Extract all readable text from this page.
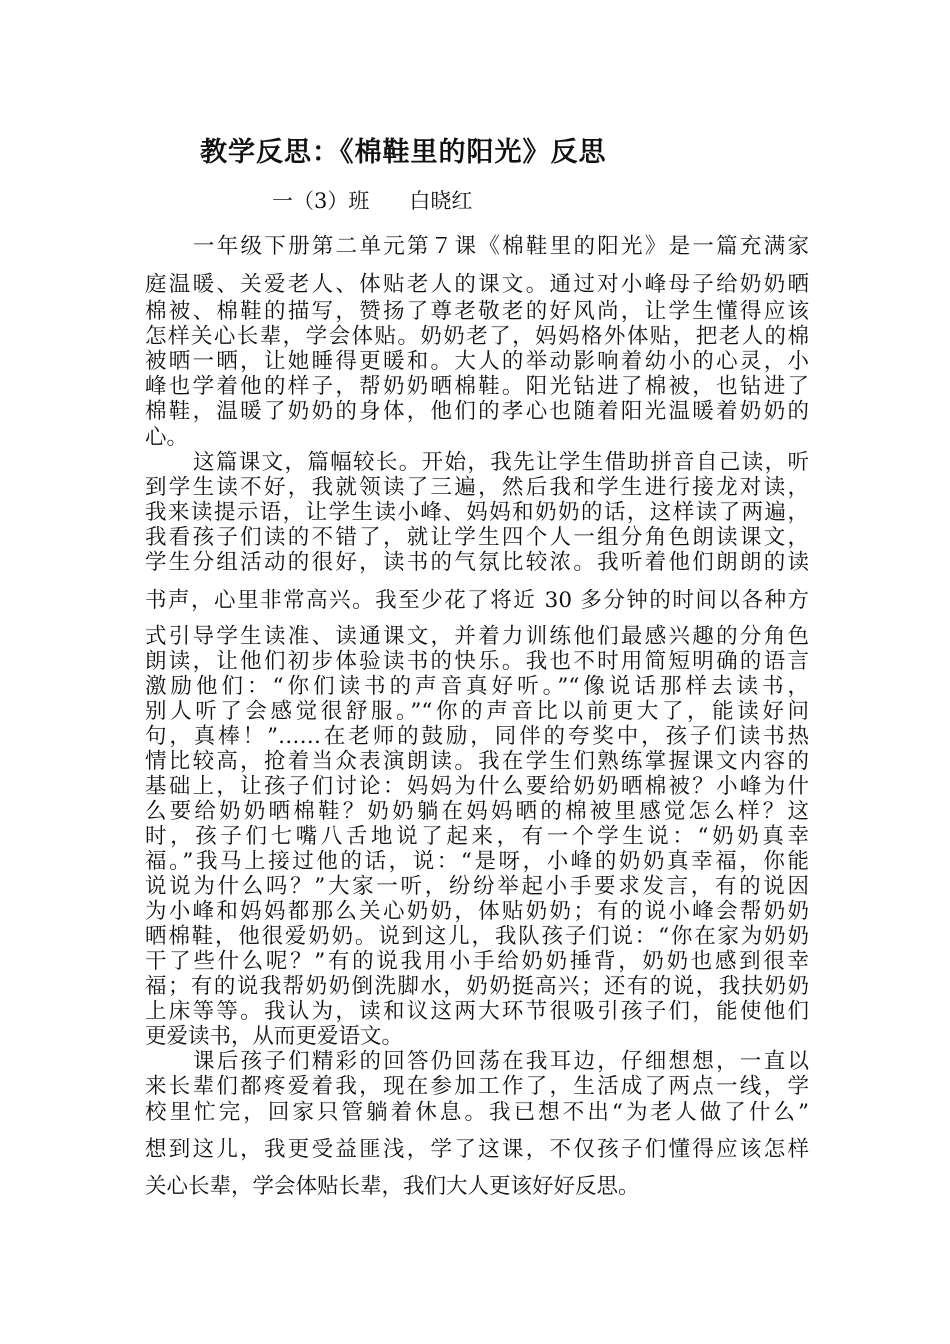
教学反思：《棉鞋里的阳光》反思
一（3）班      白晓红
一年级下册第二单元第７课《棉鞋里的阳光》是一篇充满家
庭温暖、关爱老人、体贴老人的课文。通过对小峰母子给奶奶晒
棉被、棉鞋的描写，赞扬了尊老敬老的好风尚，让学生懂得应该
怎样关心长辈，学会体贴。奶奶老了，妈妈格外体贴，把老人的棉
被晒一晒，让她睡得更暖和。大人的举动影响着幼小的心灵，小
峰也学着他的样子，帮奶奶晒棉鞋。阳光钻进了棉被，也钻进了
棉鞋，温暖了奶奶的身体，他们的孝心也随着阳光温暖着奶奶的
心。
这篇课文，篇幅较长。开始，我先让学生借助拼音自己读，听
到学生读不好，我就领读了三遍，然后我和学生进行接龙对读，
我来读提示语，让学生读小峰、妈妈和奶奶的话，这样读了两遍，
我看孩子们读的不错了，就让学生四个人一组分角色朗读课文，
学生分组活动的很好，读书的气氛比较浓。我听着他们朗朗的读
书声，心里非常高兴。我至少花了将近 30 多分钟的时间以各种方
式引导学生读准、读通课文，并着力训练他们最感兴趣的分角色
朗读，让他们初步体验读书的快乐。我也不时用简短明确的语言
激励他们：“你们读书的声音真好听。”“像说话那样去读书，
别人听了会感觉很舒服。”“你的声音比以前更大了，能读好问
句，真棒！”……在老师的鼓励，同伴的夸奖中，孩子们读书热
情比较高，抢着当众表演朗读。我在学生们熟练掌握课文内容的
基础上，让孩子们讨论：妈妈为什么要给奶奶晒棉被？小峰为什
么要给奶奶晒棉鞋？奶奶躺在妈妈晒的棉被里感觉怎么样？这
时，孩子们七嘴八舌地说了起来，有一个学生说：“奶奶真幸
福。”我马上接过他的话，说：“是呀，小峰的奶奶真幸福，你能
说说为什么吗？”大家一听，纷纷举起小手要求发言，有的说因
为小峰和妈妈都那么关心奶奶，体贴奶奶；有的说小峰会帮奶奶
晒棉鞋，他很爱奶奶。说到这儿，我队孩子们说：“你在家为奶奶
干了些什么呢？”有的说我用小手给奶奶捶背，奶奶也感到很幸
福；有的说我帮奶奶倒洗脚水，奶奶挺高兴；还有的说，我扶奶奶
上床等等。我认为，读和议这两大环节很吸引孩子们，能使他们
更爱读书，从而更爱语文。
课后孩子们精彩的回答仍回荡在我耳边，仔细想想，一直以
来长辈们都疼爱着我，现在参加工作了，生活成了两点一线，学
校里忙完，回家只管躺着休息。我已想不出“为老人做了什么”
想到这儿，我更受益匪浅，学了这课，不仅孩子们懂得应该怎样
关心长辈，学会体贴长辈，我们大人更该好好反思。
